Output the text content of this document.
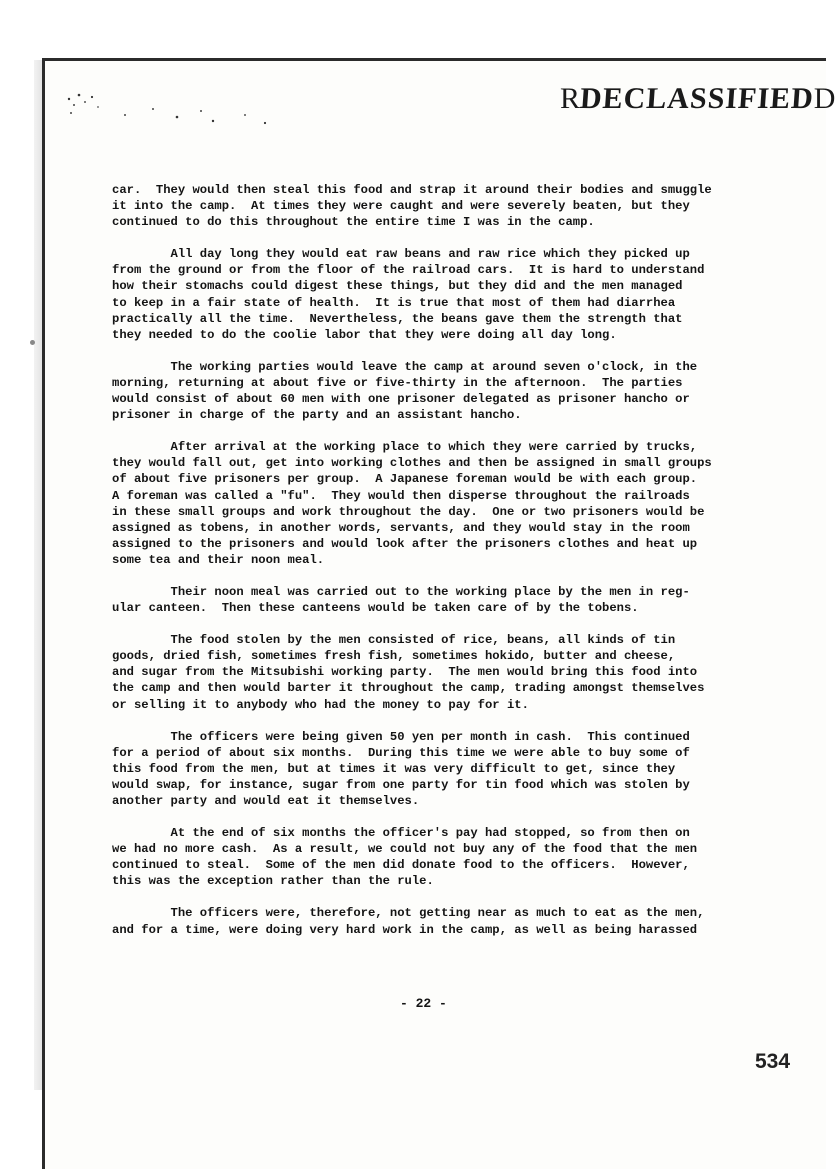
RDECLASSIFIEDD
car.  They would then steal this food and strap it around their bodies and smuggle
it into the camp.  At times they were caught and were severely beaten, but they
continued to do this throughout the entire time I was in the camp.
All day long they would eat raw beans and raw rice which they picked up
from the ground or from the floor of the railroad cars.  It is hard to understand
how their stomachs could digest these things, but they did and the men managed
to keep in a fair state of health.  It is true that most of them had diarrhea
practically all the time.  Nevertheless, the beans gave them the strength that
they needed to do the coolie labor that they were doing all day long.
The working parties would leave the camp at around seven o'clock, in the
morning, returning at about five or five-thirty in the afternoon.  The parties
would consist of about 60 men with one prisoner delegated as prisoner hancho or
prisoner in charge of the party and an assistant hancho.
After arrival at the working place to which they were carried by trucks,
they would fall out, get into working clothes and then be assigned in small groups
of about five prisoners per group.  A Japanese foreman would be with each group.
A foreman was called a "fu".  They would then disperse throughout the railroads
in these small groups and work throughout the day.  One or two prisoners would be
assigned as tobens, in another words, servants, and they would stay in the room
assigned to the prisoners and would look after the prisoners clothes and heat up
some tea and their noon meal.
Their noon meal was carried out to the working place by the men in reg-
ular canteen.  Then these canteens would be taken care of by the tobens.
The food stolen by the men consisted of rice, beans, all kinds of tin
goods, dried fish, sometimes fresh fish, sometimes hokido, butter and cheese,
and sugar from the Mitsubishi working party.  The men would bring this food into
the camp and then would barter it throughout the camp, trading amongst themselves
or selling it to anybody who had the money to pay for it.
The officers were being given 50 yen per month in cash.  This continued
for a period of about six months.  During this time we were able to buy some of
this food from the men, but at times it was very difficult to get, since they
would swap, for instance, sugar from one party for tin food which was stolen by
another party and would eat it themselves.
At the end of six months the officer's pay had stopped, so from then on
we had no more cash.  As a result, we could not buy any of the food that the men
continued to steal.  Some of the men did donate food to the officers.  However,
this was the exception rather than the rule.
The officers were, therefore, not getting near as much to eat as the men,
and for a time, were doing very hard work in the camp, as well as being harassed
- 22 -
534
